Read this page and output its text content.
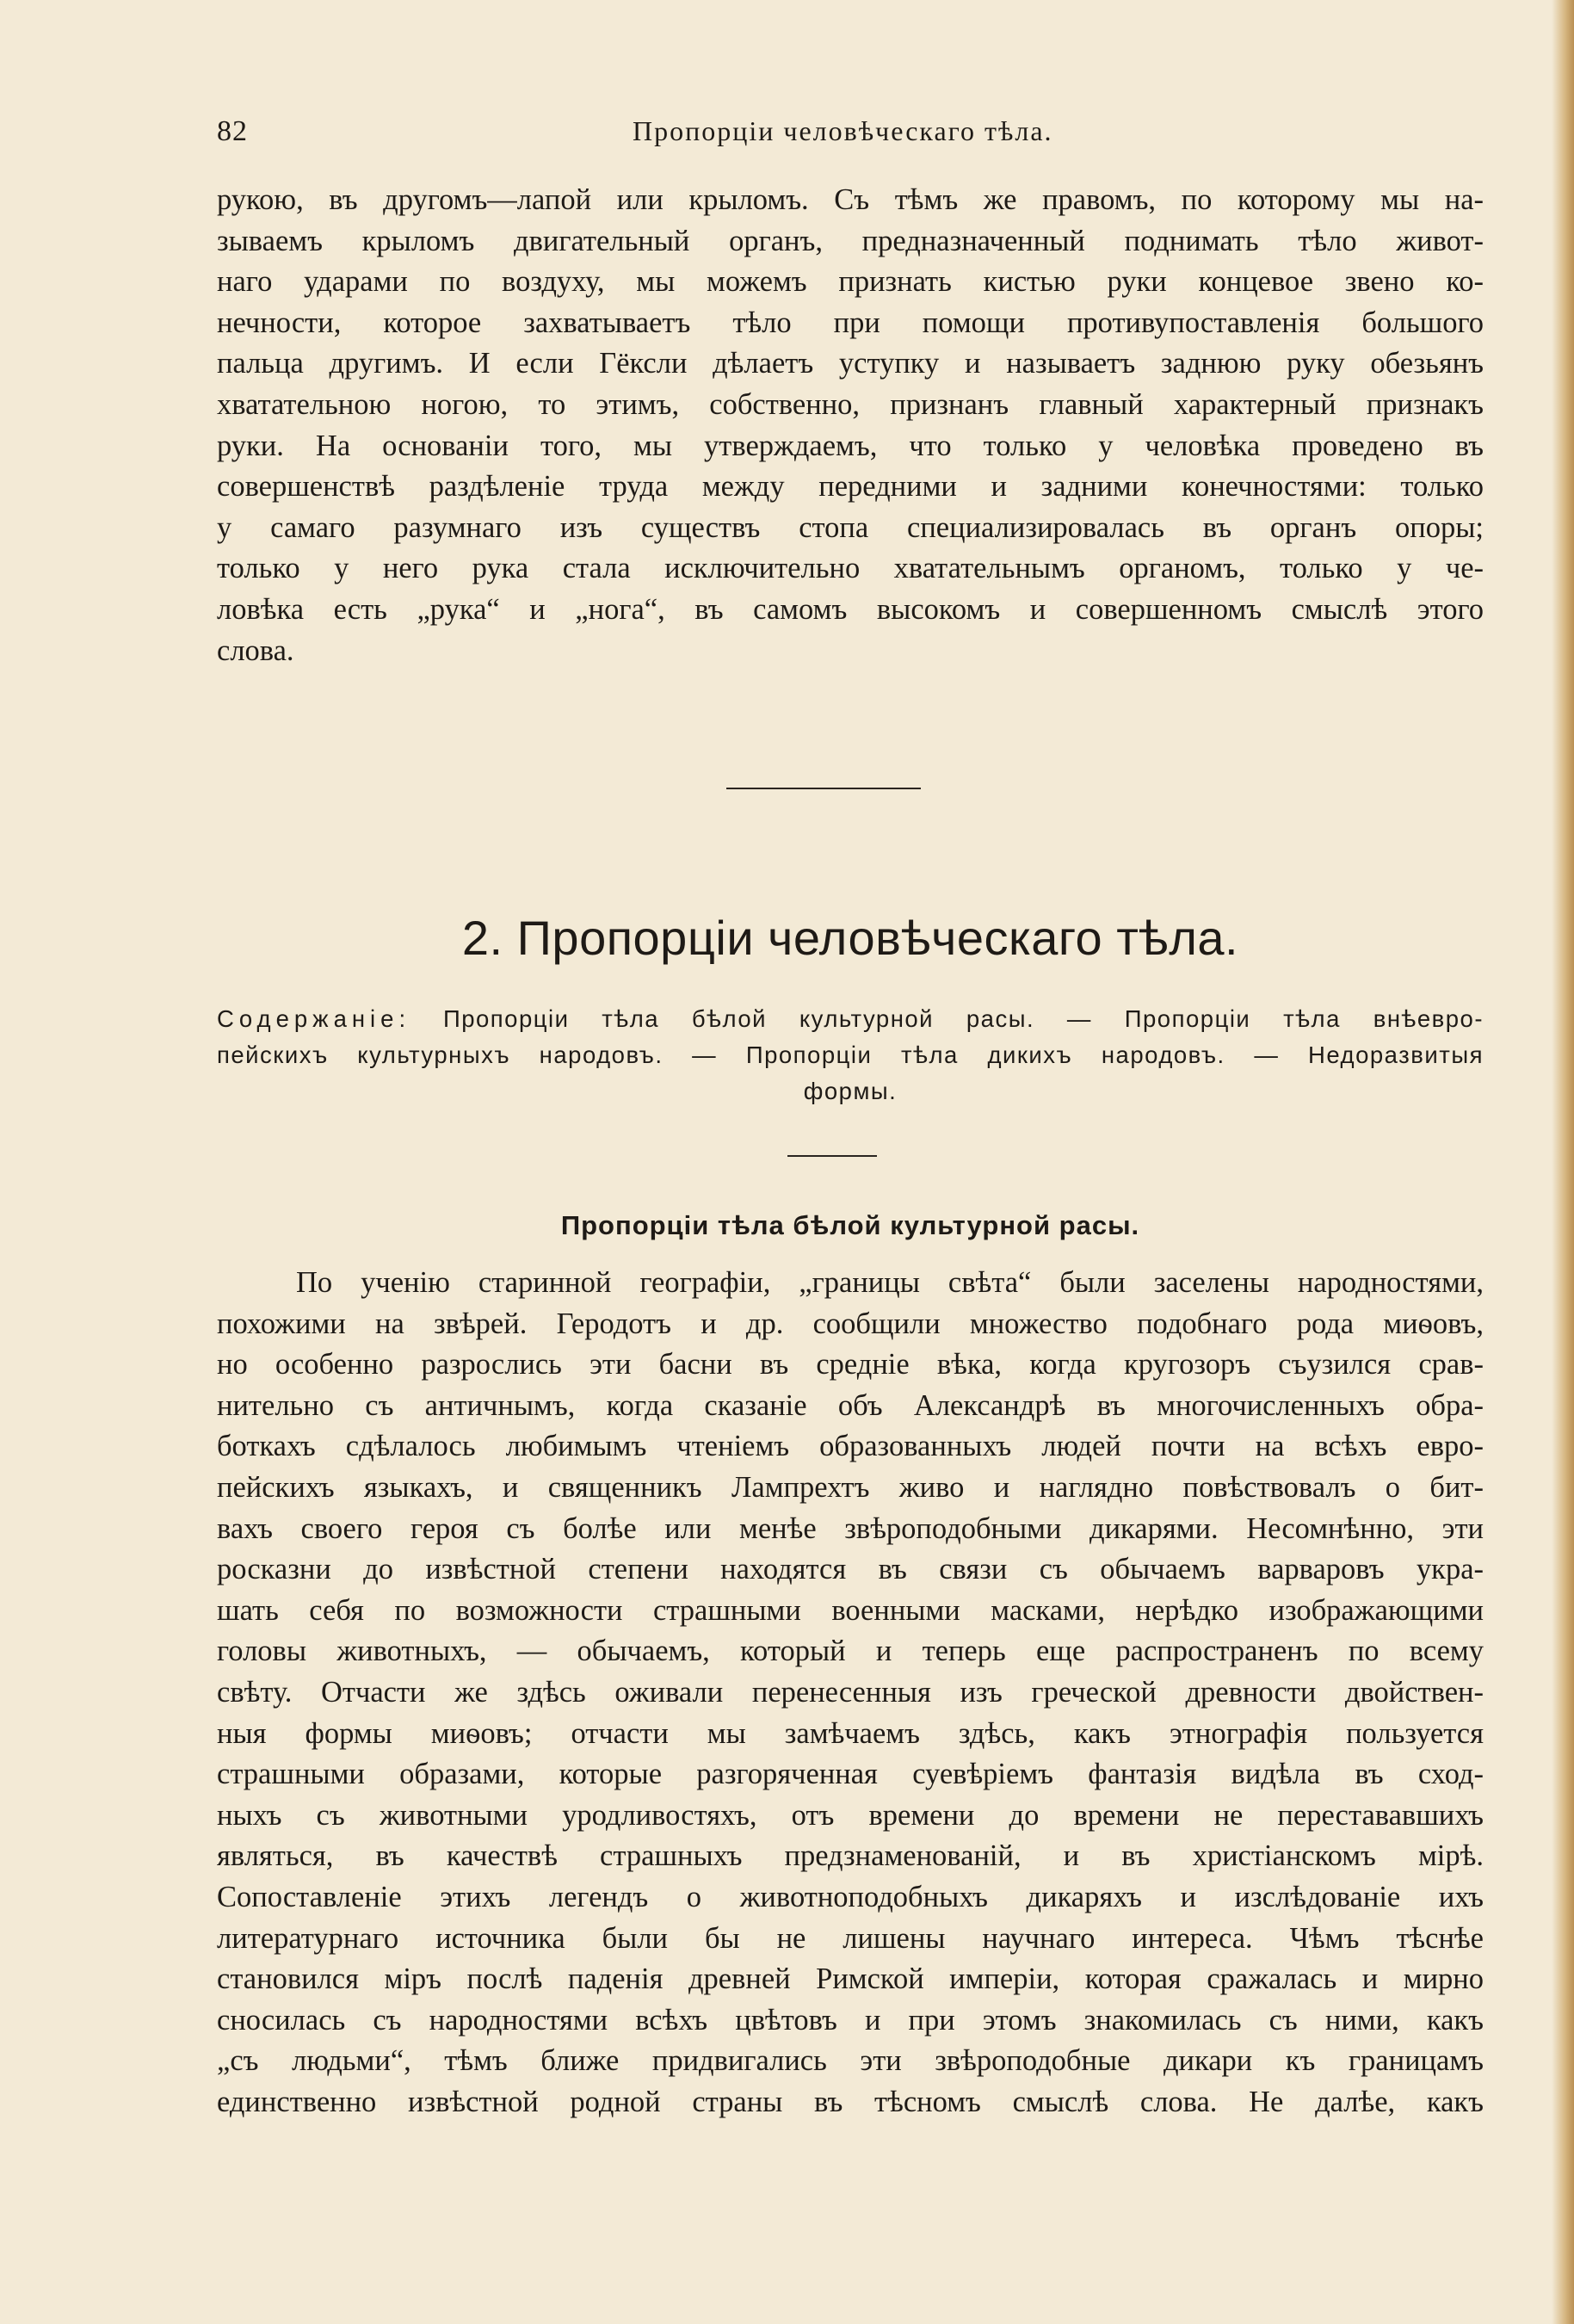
82	Пропорціи человѣческаго тѣла.
рукою, въ другомъ—лапой или крыломъ. Съ тѣмъ же правомъ, по которому мы на-
зываемъ крыломъ двигательный органъ, предназначенный поднимать тѣло живот-
наго ударами по воздуху, мы можемъ признать кистью руки концевое звено ко-
нечности, которое захватываетъ тѣло при помощи противупоставленія большого
пальца другимъ. И если Гёксли дѣлаетъ уступку и называетъ заднюю руку обезьянъ
хватательною ногою, то этимъ, собственно, признанъ главный характерный признакъ
руки. На основаніи того, мы утверждаемъ, что только у человѣка проведено въ
совершенствѣ раздѣленіе труда между передними и задними конечностями: только
у самаго разумнаго изъ существъ стопа специализировалась въ органъ опоры;
только у него рука стала исключительно хватательнымъ органомъ, только у че-
ловѣка есть „рука“ и „нога“, въ самомъ высокомъ и совершенномъ смыслѣ этого
слова.
2. Пропорціи человѣческаго тѣла.
Содержаніе: Пропорціи тѣла бѣлой культурной расы. — Пропорціи тѣла внѣевро-
пейскихъ культурныхъ народовъ. — Пропорціи тѣла дикихъ народовъ. — Недоразвитыя
формы.
Пропорціи тѣла бѣлой культурной расы.
По ученію старинной географіи, „границы свѣта“ были заселены народностями,
похожими на звѣрей. Геродотъ и др. сообщили множество подобнаго рода миѳовъ,
но особенно разрослись эти басни въ средніе вѣка, когда кругозоръ съузился срав-
нительно съ античнымъ, когда сказаніе объ Александрѣ въ многочисленныхъ обра-
боткахъ сдѣлалось любимымъ чтеніемъ образованныхъ людей почти на всѣхъ евро-
пейскихъ языкахъ, и священникъ Лампрехтъ живо и наглядно повѣствовалъ о бит-
вахъ своего героя съ болѣе или менѣе звѣроподобными дикарями. Несомнѣнно, эти
росказни до извѣстной степени находятся въ связи съ обычаемъ варваровъ укра-
шать себя по возможности страшными военными масками, нерѣдко изображающими
головы животныхъ, — обычаемъ, который и теперь еще распространенъ по всему
свѣту. Отчасти же здѣсь оживали перенесенныя изъ греческой древности двойствен-
ныя формы миѳовъ; отчасти мы замѣчаемъ здѣсь, какъ этнографія пользуется
страшными образами, которые разгоряченная суевѣріемъ фантазія видѣла въ сход-
ныхъ съ животными уродливостяхъ, отъ времени до времени не перестававшихъ
являться, въ качествѣ страшныхъ предзнаменованій, и въ христіанскомъ мірѣ.
Сопоставленіе этихъ легендъ о животноподобныхъ дикаряхъ и изслѣдованіе ихъ
литературнаго источника были бы не лишены научнаго интереса. Чѣмъ тѣснѣе
становился міръ послѣ паденія древней Римской имперіи, которая сражалась и мирно
сносилась съ народностями всѣхъ цвѣтовъ и при этомъ знакомилась съ ними, какъ
„съ людьми“, тѣмъ ближе придвигались эти звѣроподобные дикари къ границамъ
единственно извѣстной родной страны въ тѣсномъ смыслѣ слова. Не далѣе, какъ
